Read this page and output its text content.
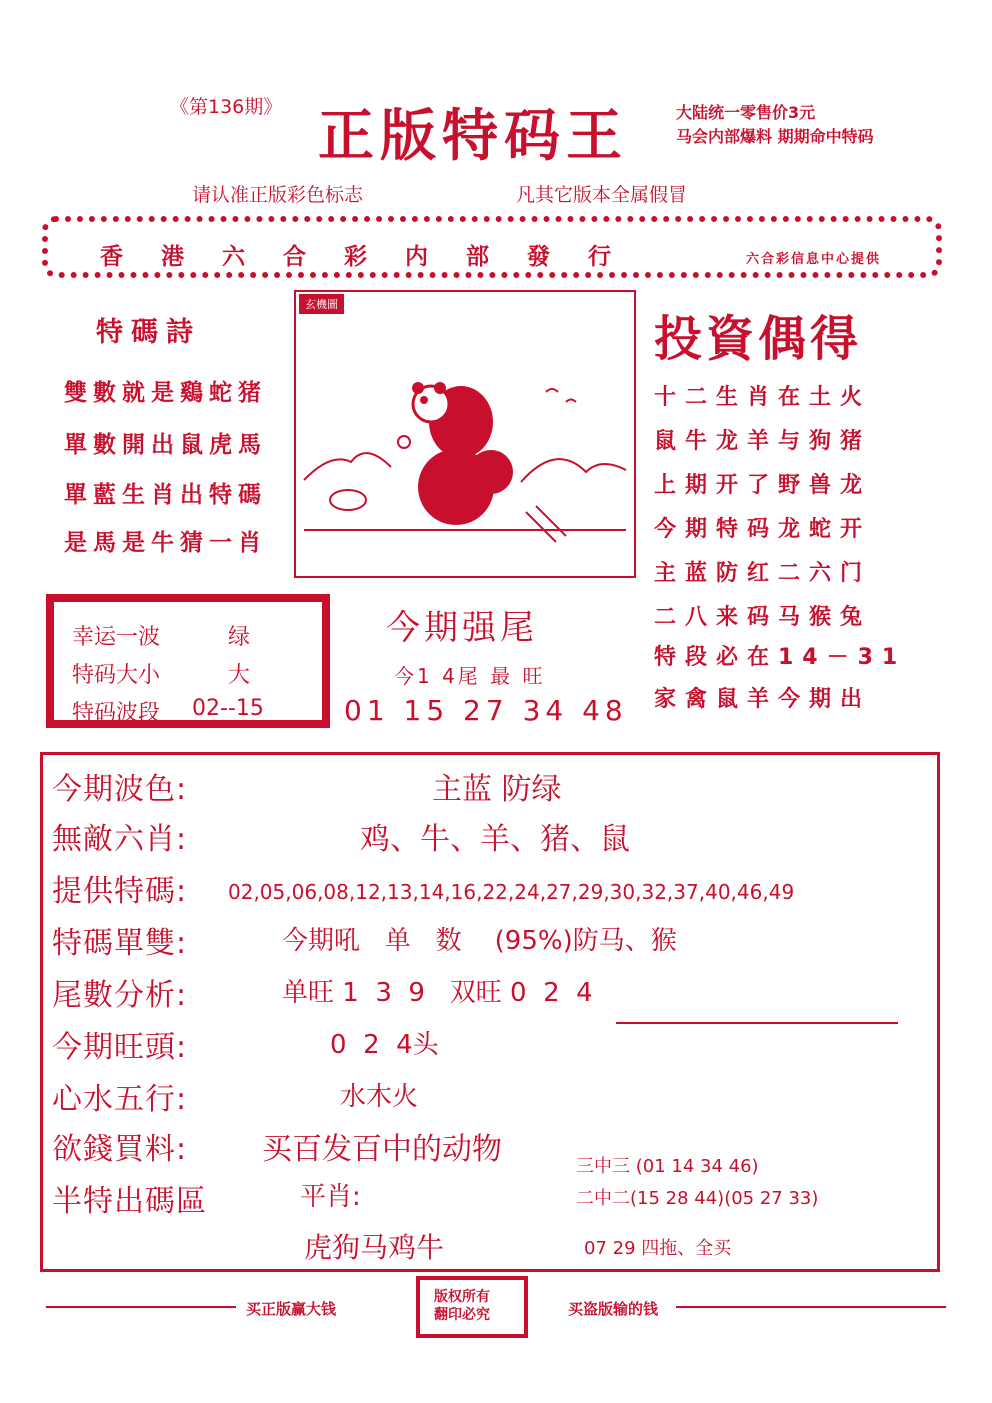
《第136期》 正版特码王	大陆统一零售价3元
马会内部爆料 期期命中特码
请认准正版彩色标志	凡其它版本全属假冒
香港六合彩内部發行	六合彩信息中心提供
特碼詩
雙數就是鷄蛇猪
單數開出鼠虎馬
單藍生肖出特碼
是馬是牛猜一肖
玄機圖
投資偶得
十二生肖在土火
鼠牛龙羊与狗猪
上期开了野兽龙
今期特码龙蛇开
主蓝防红二六门
二八来码马猴兔
特段必在14－31
家禽鼠羊今期出
幸运一波	绿
特码大小	大
特码波段 02--15
今期强尾
今1 4尾 最 旺
01 15 27 34 48
今期波色:	主蓝 防绿
無敵六肖:	鸡、牛、羊、猪、鼠
提供特碼: 02,05,06,08,12,13,14,16,22,24,27,29,30,32,37,40,46,49
特碼單雙:	今期吼   单   数    (95%)防马、猴
尾數分析:	单旺 1  3  9   双旺 0  2  4
今期旺頭:	0  2  4头
心水五行:	水木火
欲錢買料: 买百发百中的动物
半特出碼區	平肖:
虎狗马鸡牛
三中三 (01 14 34 46)
二中二(15 28 44)(05 27 33)
07 29 四拖、全买
买正版赢大钱
版权所有
翻印必究	买盗版输的钱
